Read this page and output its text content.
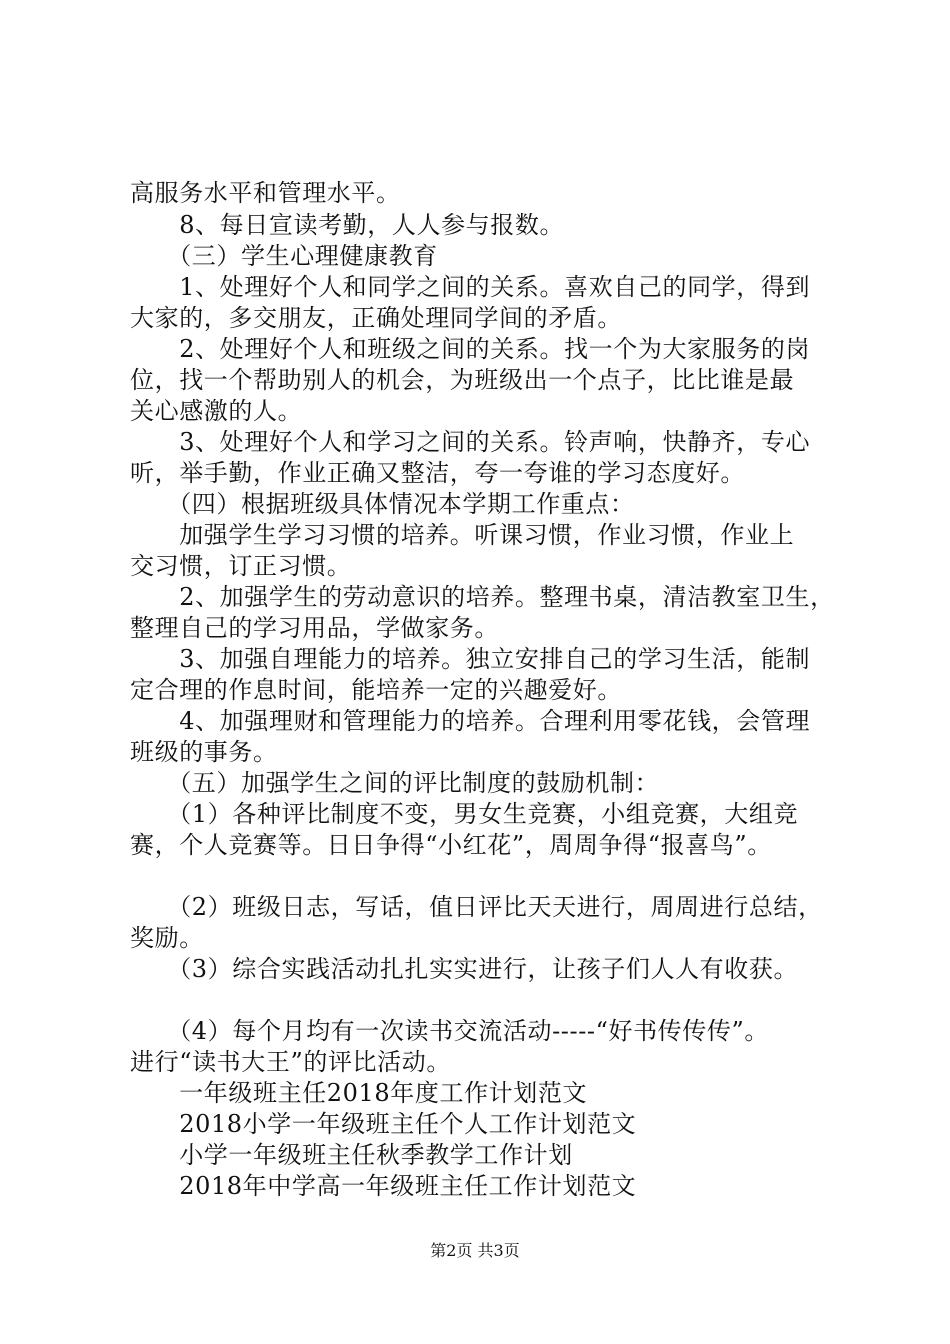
高服务水平和管理水平。
　　8、每日宣读考勤，人人参与报数。
　　（三）学生心理健康教育
　　1、处理好个人和同学之间的关系。喜欢自己的同学，得到
大家的，多交朋友，正确处理同学间的矛盾。
　　2、处理好个人和班级之间的关系。找一个为大家服务的岗
位，找一个帮助别人的机会，为班级出一个点子，比比谁是最
关心感激的人。
　　3、处理好个人和学习之间的关系。铃声响，快静齐，专心
听，举手勤，作业正确又整洁，夸一夸谁的学习态度好。
　　（四）根据班级具体情况本学期工作重点：
　　加强学生学习习惯的培养。听课习惯，作业习惯，作业上
交习惯，订正习惯。
　　2、加强学生的劳动意识的培养。整理书桌，清洁教室卫生，
整理自己的学习用品，学做家务。
　　3、加强自理能力的培养。独立安排自己的学习生活，能制
定合理的作息时间，能培养一定的兴趣爱好。
　　4、加强理财和管理能力的培养。合理利用零花钱，会管理
班级的事务。
　　（五）加强学生之间的评比制度的鼓励机制：
　　（1）各种评比制度不变，男女生竞赛，小组竞赛，大组竞
赛，个人竞赛等。日日争得“小红花”，周周争得“报喜鸟”。
　　（2）班级日志，写话，值日评比天天进行，周周进行总结，
奖励。
　　（3）综合实践活动扎扎实实进行，让孩子们人人有收获。
　　（4）每个月均有一次读书交流活动-----“好书传传传”。
进行“读书大王”的评比活动。
　　一年级班主任2018年度工作计划范文
　　2018小学一年级班主任个人工作计划范文
　　小学一年级班主任秋季教学工作计划
　　2018年中学高一年级班主任工作计划范文
第2页 共3页
